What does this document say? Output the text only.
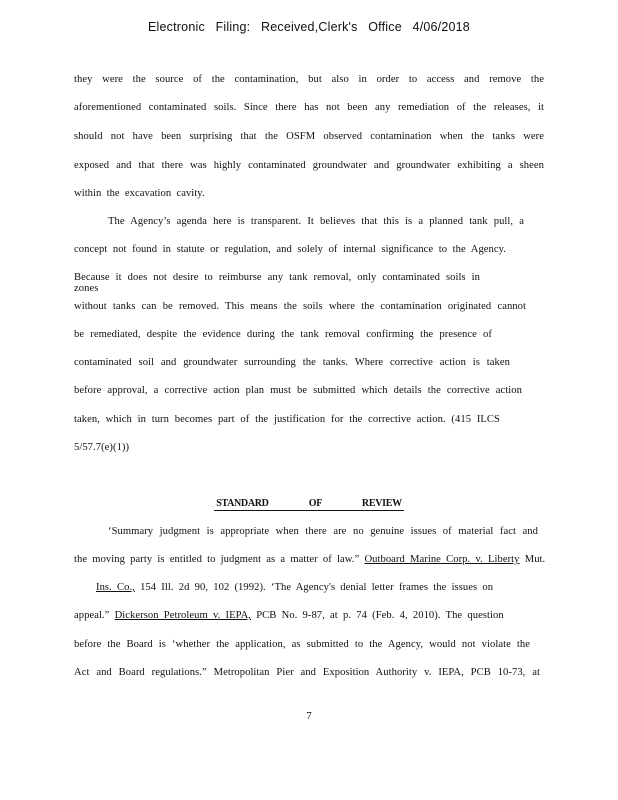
Electronic Filing: Received,Clerk's Office 4/06/2018
they were the source of the contamination, but also in order to access and remove the
aforementioned contaminated soils. Since there has not been any remediation of the releases, it
should not have been surprising that the OSFM observed contamination when the tanks were
exposed and that there was highly contaminated groundwater and groundwater exhibiting a sheen
within the excavation cavity.
The Agency’s agenda here is transparent. It believes that this is a planned tank pull, a
concept not found in statute or regulation, and solely of internal significance to the Agency.
Because it does not desire to reimburse any tank removal, only contaminated soils in zones
without tanks can be removed. This means the soils where the contamination originated cannot
be remediated, despite the evidence during the tank removal confirming the presence of
contaminated soil and groundwater surrounding the tanks. Where corrective action is taken
before approval, a corrective action plan must be submitted which details the corrective action
taken, which in turn becomes part of the justification for the corrective action. (415 ILCS
5/57.7(e)(1))
STANDARD OF REVIEW
‘Summary judgment is appropriate when there are no genuine issues of material fact and
the moving party is entitled to judgment as a matter of law.” Outboard Marine Corp. v. Liberty Mut.
Ins. Co., 154 Ill. 2d 90, 102 (1992). ‘The Agency's denial letter frames the issues on
appeal.” Dickerson Petroleum v. IEPA, PCB No. 9-87, at p. 74 (Feb. 4, 2010). The question
before the Board is ‘whether the application, as submitted to the Agency, would not violate the
Act and Board regulations.” Metropolitan Pier and Exposition Authority v. IEPA, PCB 10-73, at
7
